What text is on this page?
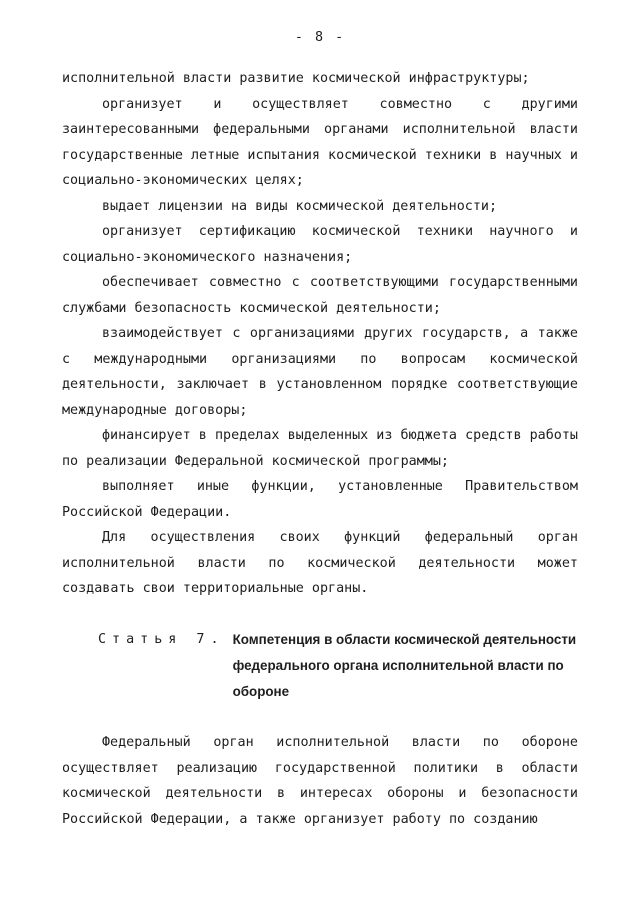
- 8 -

исполнительной власти развитие космической инфраструктуры;

организует и осуществляет совместно с другими заинтересованными федеральными органами исполнительной власти государственные летные испытания космической техники в научных и социально-экономических целях;

выдает лицензии на виды космической деятельности;

организует сертификацию космической техники научного и социально-экономического назначения;

обеспечивает совместно с соответствующими государственными службами безопасность космической деятельности;

взаимодействует с организациями других государств, а также с международными организациями по вопросам космической деятельности, заключает в установленном порядке соответствующие международные договоры;

финансирует в пределах выделенных из бюджета средств работы по реализации Федеральной космической программы;

выполняет иные функции, установленные Правительством Российской Федерации.

Для осуществления своих функций федеральный орган исполнительной власти по космической деятельности может создавать свои территориальные органы.

Статья 7. Компетенция в области космической деятельности федерального органа исполнительной власти по обороне

Федеральный орган исполнительной власти по обороне осуществляет реализацию государственной политики в области космической деятельности в интересах обороны и безопасности Российской Федерации, а также организует работу по созданию
